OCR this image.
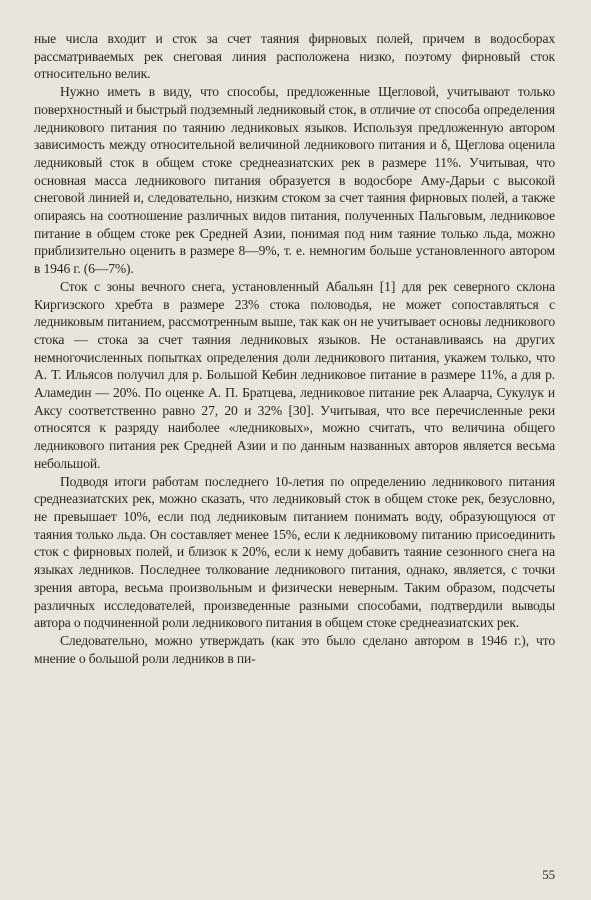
ные числа входит и сток за счет таяния фирновых полей, причем в водосборах рассматриваемых рек снеговая линия расположена низко, поэтому фирновый сток относительно велик.

Нужно иметь в виду, что способы, предложенные Щегловой, учитывают только поверхностный и быстрый подземный ледниковый сток, в отличие от способа определения ледникового питания по таянию ледниковых языков. Используя предложенную автором зависимость между относительной величиной ледникового питания и δ, Щеглова оценила ледниковый сток в общем стоке среднеазиатских рек в размере 11%. Учитывая, что основная масса ледникового питания образуется в водосборе Аму-Дарьи с высокой снеговой линией и, следовательно, низким стоком за счет таяния фирновых полей, а также опираясь на соотношение различных видов питания, полученных Пальговым, ледниковое питание в общем стоке рек Средней Азии, понимая под ним таяние только льда, можно приблизительно оценить в размере 8—9%, т. е. немногим больше установленного автором в 1946 г. (6—7%).

Сток с зоны вечного снега, установленный Абальян [1] для рек северного склона Киргизского хребта в размере 23% стока половодья, не может сопоставляться с ледниковым питанием, рассмотренным выше, так как он не учитывает основы ледникового стока — стока за счет таяния ледниковых языков. Не останавливаясь на других немногочисленных попытках определения доли ледникового питания, укажем только, что А. Т. Ильясов получил для р. Большой Кебин ледниковое питание в размере 11%, а для р. Аламедин — 20%. По оценке А. П. Братцева, ледниковое питание рек Алаарча, Сукулук и Аксу соответственно равно 27, 20 и 32% [30]. Учитывая, что все перечисленные реки относятся к разряду наиболее «ледниковых», можно считать, что величина общего ледникового питания рек Средней Азии и по данным названных авторов является весьма небольшой.

Подводя итоги работам последнего 10-летия по определению ледникового питания среднеазиатских рек, можно сказать, что ледниковый сток в общем стоке рек, безусловно, не превышает 10%, если под ледниковым питанием понимать воду, образующуюся от таяния только льда. Он составляет менее 15%, если к ледниковому питанию присоединить сток с фирновых полей, и близок к 20%, если к нему добавить таяние сезонного снега на языках ледников. Последнее толкование ледникового питания, однако, является, с точки зрения автора, весьма произвольным и физически неверным. Таким образом, подсчеты различных исследователей, произведенные разными способами, подтвердили выводы автора о подчиненной роли ледникового питания в общем стоке среднеазиатских рек.

Следовательно, можно утверждать (как это было сделано автором в 1946 г.), что мнение о большой роли ледников в пи-

55
